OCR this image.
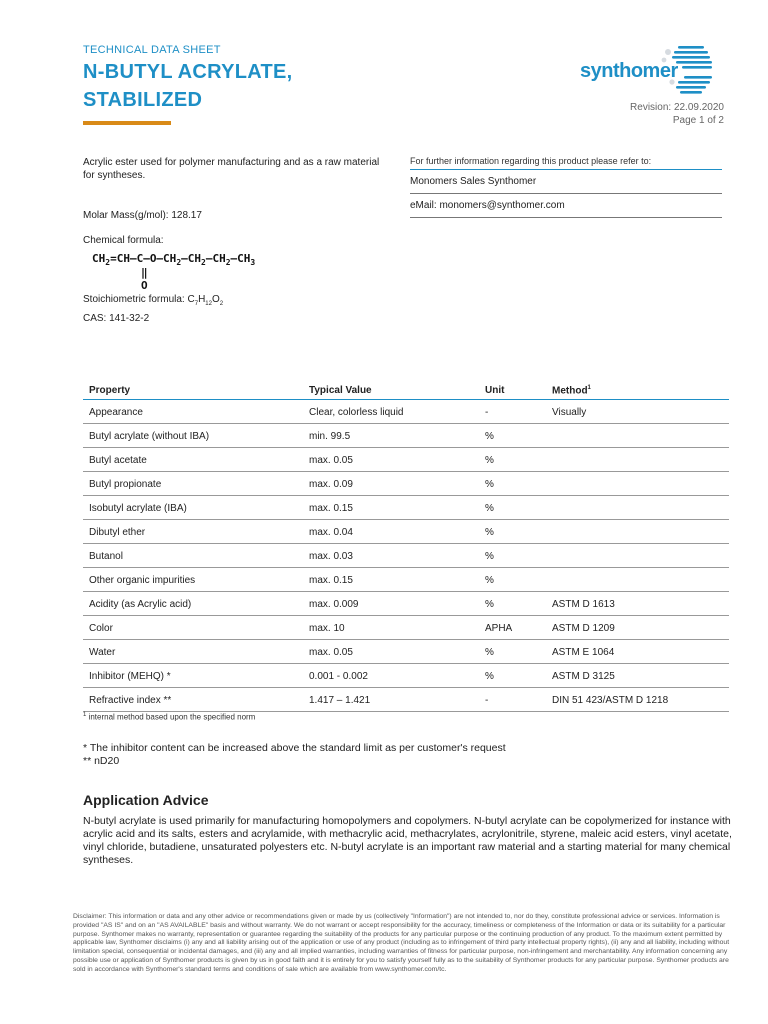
TECHNICAL DATA SHEET
N-BUTYL ACRYLATE,
STABILIZED
synthomer
Revision: 22.09.2020
Page 1 of 2
Acrylic ester used for polymer manufacturing and as a raw material for syntheses.
Molar Mass(g/mol): 128.17
Chemical formula:
$CH_2=CH-C-O-CH_2-CH_2-CH_2-CH_3$
‖
O
Stoichiometric formula: $C_7H_{12}O_2$
CAS: 141-32-2
For further information regarding this product please refer to:
Monomers Sales Synthomer
eMail: monomers@synthomer.com
Property	Typical Value	Unit	Method$^1$
Appearance	Clear, colorless liquid	-	Visually
Butyl acrylate (without IBA)	min. 99.5	%	
Butyl acetate	max. 0.05	%	
Butyl propionate	max. 0.09	%	
Isobutyl acrylate (IBA)	max. 0.15	%	
Dibutyl ether	max. 0.04	%	
Butanol	max. 0.03	%	
Other organic impurities	max. 0.15	%	
Acidity (as Acrylic acid)	max. 0.009	%	ASTM D 1613
Color	max. 10	APHA	ASTM D 1209
Water	max. 0.05	%	ASTM E 1064
Inhibitor (MEHQ) *	0.001 - 0.002	%	ASTM D 3125
Refractive index **	1.417 – 1.421	-	DIN 51 423/ASTM D 1218
$^1$ internal method based upon the specified norm
* The inhibitor content can be increased above the standard limit as per customer's request
** nD20
Application Advice
N-butyl acrylate is used primarily for manufacturing homopolymers and copolymers. N-butyl acrylate can be copolymerized for instance with acrylic acid and its salts, esters and acrylamide, with methacrylic acid, methacrylates, acrylonitrile, styrene, maleic acid esters, vinyl acetate, vinyl chloride, butadiene, unsaturated polyesters etc. N-butyl acrylate is an important raw material and a starting material for many chemical syntheses.
Disclaimer: This information or data and any other advice or recommendations given or made by us (collectively "Information") are not intended to, nor do they, constitute professional advice or services. Information is provided "AS IS" and on an "AS AVAILABLE" basis and without warranty. We do not warrant or accept responsibility for the accuracy, timeliness or completeness of the Information or data or its suitability for a particular purpose. Synthomer makes no warranty, representation or guarantee regarding the suitability of the products for any particular purpose or the continuing production of any product. To the maximum extent permitted by applicable law, Synthomer disclaims (i) any and all liability arising out of the application or use of any product (including as to infringement of third party intellectual property rights), (ii) any and all liability, including without limitation special, consequential or incidental damages, and (iii) any and all implied warranties, including warranties of fitness for particular purpose, non-infringement and merchantability. Any information concerning any possible use or application of Synthomer products is given by us in good faith and it is entirely for you to satisfy yourself fully as to the suitability of Synthomer products for any particular purpose. Synthomer products are sold in accordance with Synthomer's standard terms and conditions of sale which are available from www.synthomer.com/tc.
